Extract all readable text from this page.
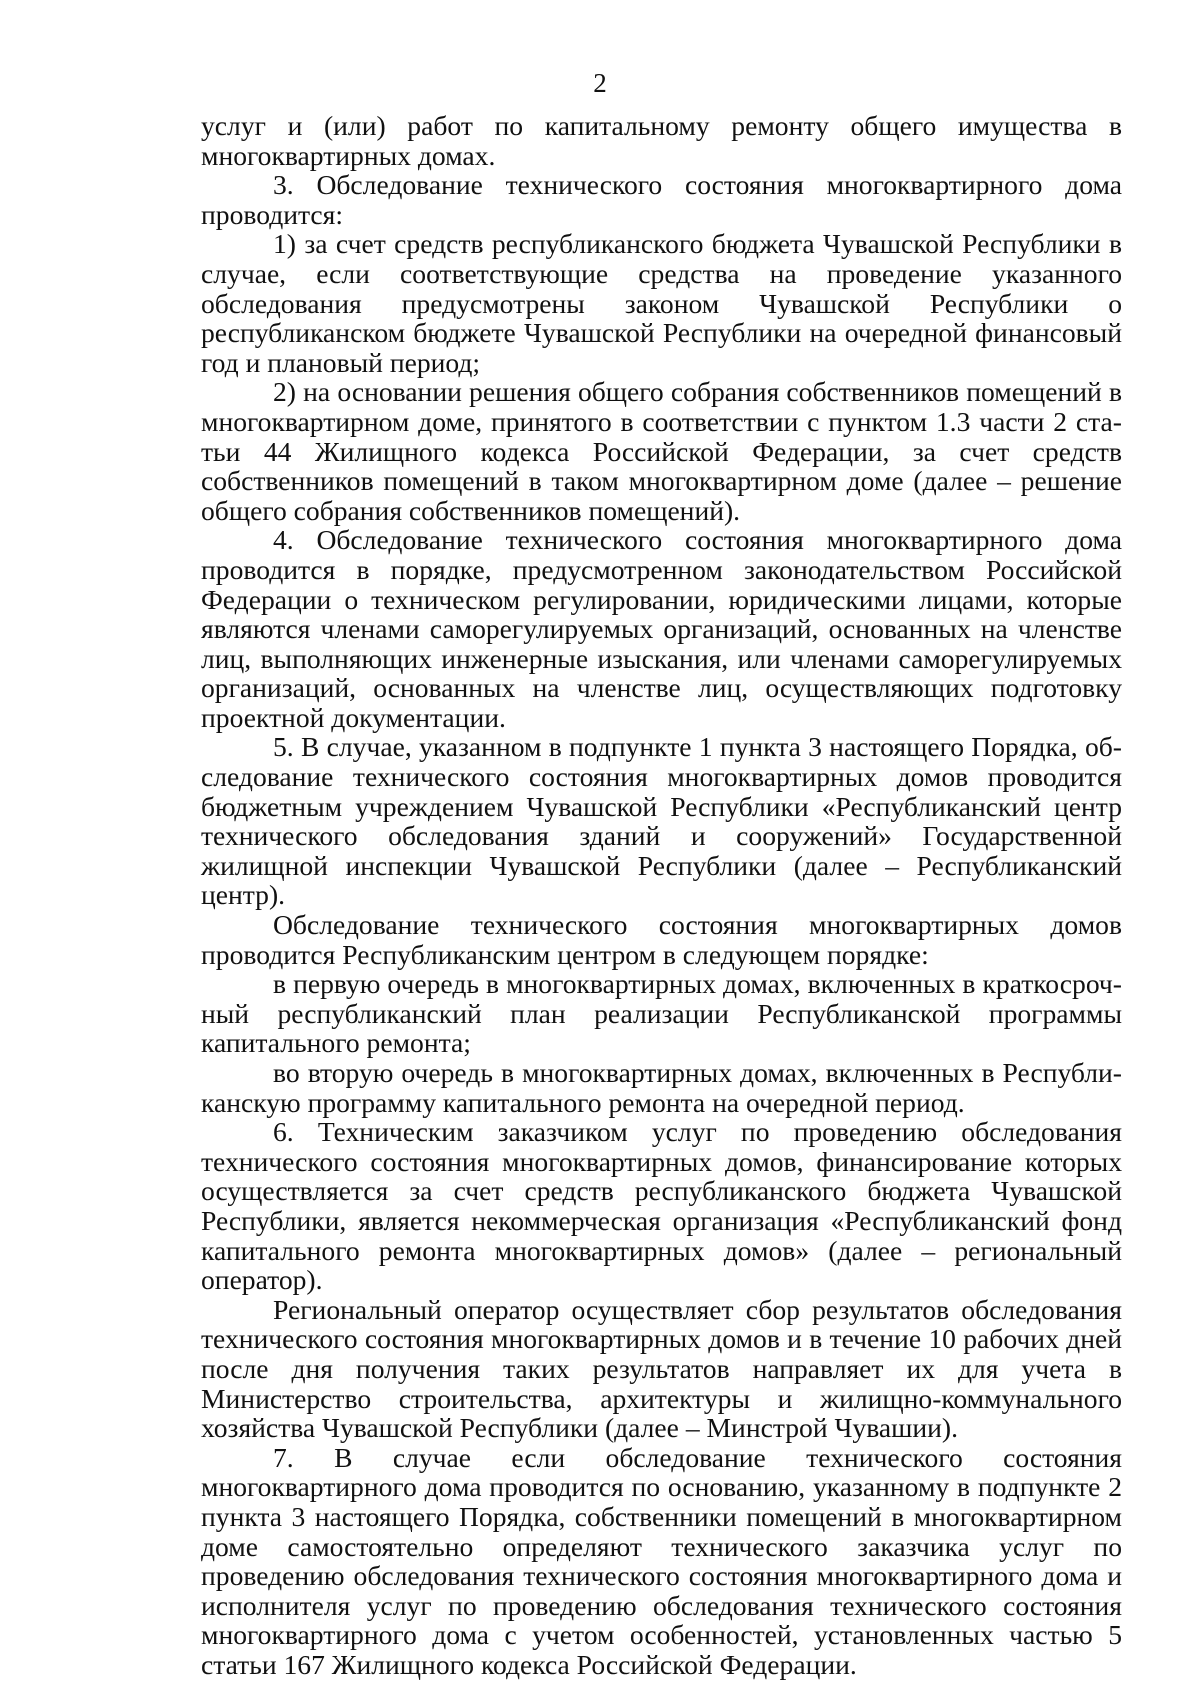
2

услуг и (или) работ по капитальному ремонту общего имущества в многоквартирных домах.

3. Обследование технического состояния многоквартирного дома проводится:

1) за счет средств республиканского бюджета Чувашской Республики в случае, если соответствующие средства на проведение указанного обследования предусмотрены законом Чувашской Республики о республиканском бюджете Чувашской Республики на очередной финансовый год и плановый период;

2) на основании решения общего собрания собственников помещений в многоквартирном доме, принятого в соответствии с пунктом 1.3 части 2 статьи 44 Жилищного кодекса Российской Федерации, за счет средств собственников помещений в таком многоквартирном доме (далее – решение общего собрания собственников помещений).

4. Обследование технического состояния многоквартирного дома проводится в порядке, предусмотренном законодательством Российской Федерации о техническом регулировании, юридическими лицами, которые являются членами саморегулируемых организаций, основанных на членстве лиц, выполняющих инженерные изыскания, или членами саморегулируемых организаций, основанных на членстве лиц, осуществляющих подготовку проектной документации.

5. В случае, указанном в подпункте 1 пункта 3 настоящего Порядка, обследование технического состояния многоквартирных домов проводится бюджетным учреждением Чувашской Республики «Республиканский центр технического обследования зданий и сооружений» Государственной жилищной инспекции Чувашской Республики (далее – Республиканский центр).

Обследование технического состояния многоквартирных домов проводится Республиканским центром в следующем порядке:

в первую очередь в многоквартирных домах, включенных в краткосрочный республиканский план реализации Республиканской программы капитального ремонта;

во вторую очередь в многоквартирных домах, включенных в Республиканскую программу капитального ремонта на очередной период.

6. Техническим заказчиком услуг по проведению обследования технического состояния многоквартирных домов, финансирование которых осуществляется за счет средств республиканского бюджета Чувашской Республики, является некоммерческая организация «Республиканский фонд капитального ремонта многоквартирных домов» (далее – региональный оператор).

Региональный оператор осуществляет сбор результатов обследования технического состояния многоквартирных домов и в течение 10 рабочих дней после дня получения таких результатов направляет их для учета в Министерство строительства, архитектуры и жилищно-коммунального хозяйства Чувашской Республики (далее – Минстрой Чувашии).

7. В случае если обследование технического состояния многоквартирного дома проводится по основанию, указанному в подпункте 2 пункта 3 настоящего Порядка, собственники помещений в многоквартирном доме самостоятельно определяют технического заказчика услуг по проведению обследования технического состояния многоквартирного дома и исполнителя услуг по проведению обследования технического состояния многоквартирного дома с учетом особенностей, установленных частью 5 статьи 167 Жилищного кодекса Российской Федерации.
